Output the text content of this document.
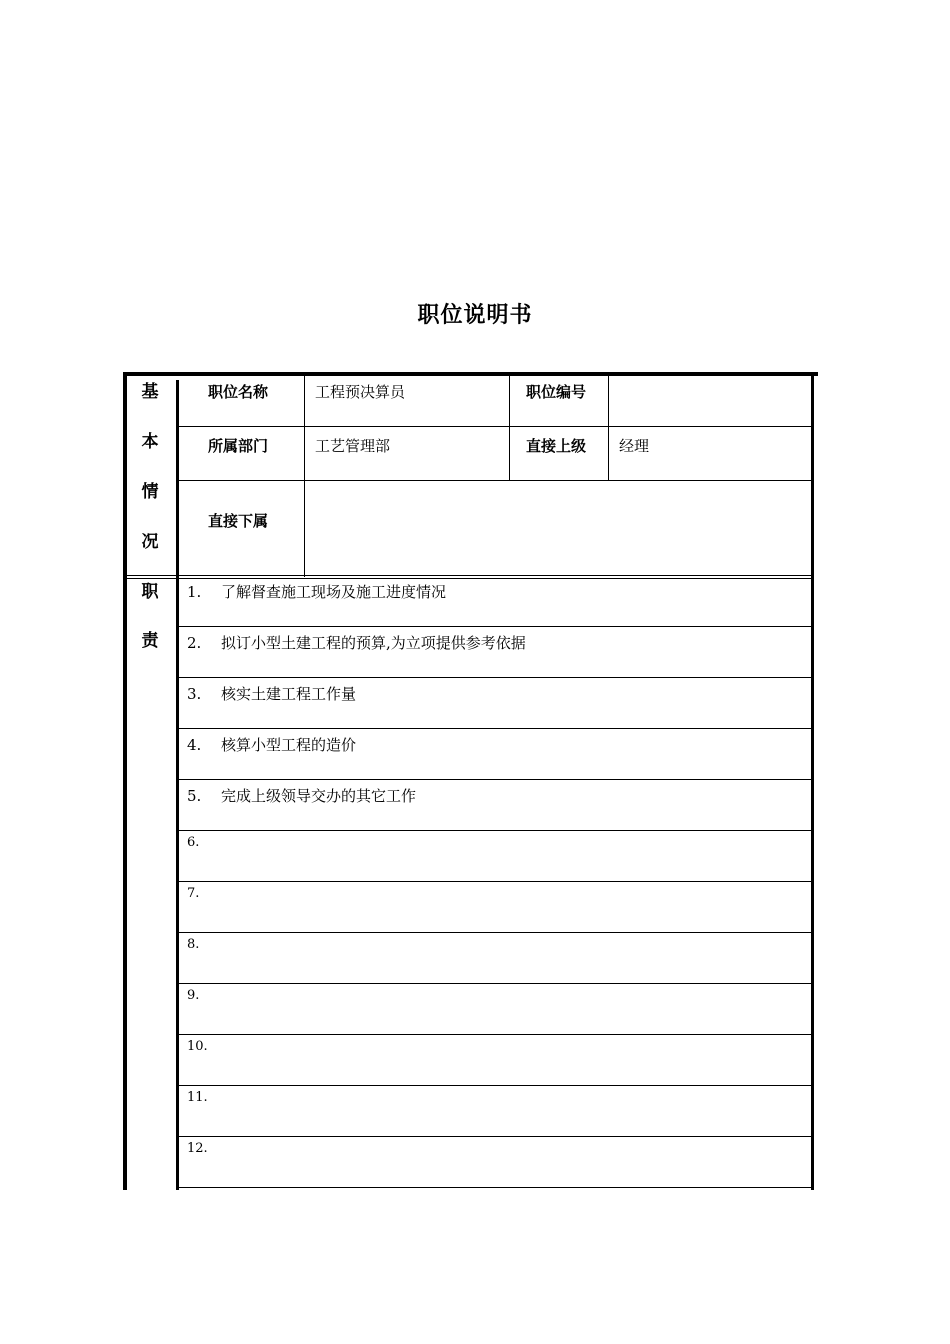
职位说明书
基
本
情
况
职位名称	工程预决算员	职位编号
所属部门	工艺管理部	直接上级 经理
直接下属
职
责
1. 了解督查施工现场及施工进度情况
2. 拟订小型土建工程的预算,为立项提供参考依据
3. 核实土建工程工作量
4. 核算小型工程的造价
5. 完成上级领导交办的其它工作
6.
7.
8.
9.
10.
11.
12.
